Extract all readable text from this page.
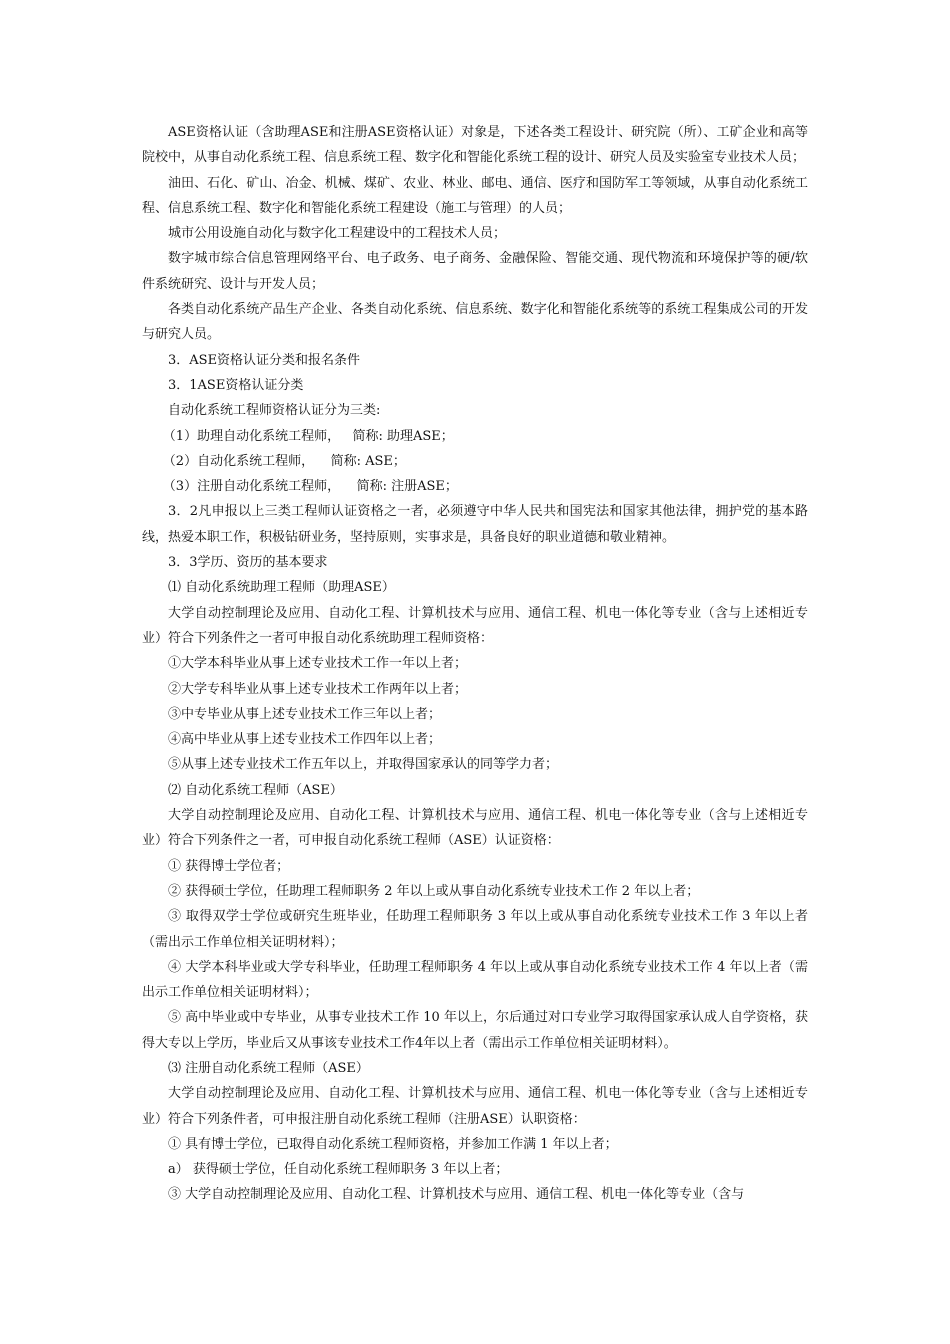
ASE资格认证（含助理ASE和注册ASE资格认证）对象是，下述各类工程设计、研究院（所）、工矿企业和高等院校中，从事自动化系统工程、信息系统工程、数字化和智能化系统工程的设计、研究人员及实验室专业技术人员；

油田、石化、矿山、冶金、机械、煤矿、农业、林业、邮电、通信、医疗和国防军工等领域，从事自动化系统工程、信息系统工程、数字化和智能化系统工程建设（施工与管理）的人员；

城市公用设施自动化与数字化工程建设中的工程技术人员；

数字城市综合信息管理网络平台、电子政务、电子商务、金融保险、智能交通、现代物流和环境保护等的硬/软件系统研究、设计与开发人员；

各类自动化系统产品生产企业、各类自动化系统、信息系统、数字化和智能化系统等的系统工程集成公司的开发与研究人员。

3．ASE资格认证分类和报名条件

3．1ASE资格认证分类

自动化系统工程师资格认证分为三类:

（1）助理自动化系统工程师，   简称: 助理ASE；

（2）自动化系统工程师，    简称: ASE；

（3）注册自动化系统工程师，    简称: 注册ASE；

3．2凡申报以上三类工程师认证资格之一者，必须遵守中华人民共和国宪法和国家其他法律，拥护党的基本路线，热爱本职工作，积极钻研业务，坚持原则，实事求是，具备良好的职业道德和敬业精神。

3．3学历、资历的基本要求

⑴ 自动化系统助理工程师（助理ASE）

大学自动控制理论及应用、自动化工程、计算机技术与应用、通信工程、机电一体化等专业（含与上述相近专业）符合下列条件之一者可申报自动化系统助理工程师资格：

①大学本科毕业从事上述专业技术工作一年以上者；

②大学专科毕业从事上述专业技术工作两年以上者；

③中专毕业从事上述专业技术工作三年以上者；

④高中毕业从事上述专业技术工作四年以上者；

⑤从事上述专业技术工作五年以上，并取得国家承认的同等学力者；

⑵ 自动化系统工程师（ASE）

大学自动控制理论及应用、自动化工程、计算机技术与应用、通信工程、机电一体化等专业（含与上述相近专业）符合下列条件之一者，可申报自动化系统工程师（ASE）认证资格：

① 获得博士学位者；

② 获得硕士学位，任助理工程师职务 2 年以上或从事自动化系统专业技术工作 2 年以上者；

③ 取得双学士学位或研究生班毕业，任助理工程师职务 3 年以上或从事自动化系统专业技术工作 3 年以上者（需出示工作单位相关证明材料）；

④ 大学本科毕业或大学专科毕业，任助理工程师职务 4 年以上或从事自动化系统专业技术工作 4 年以上者（需出示工作单位相关证明材料）；

⑤ 高中毕业或中专毕业，从事专业技术工作 10 年以上，尔后通过对口专业学习取得国家承认成人自学资格，获得大专以上学历，毕业后又从事该专业技术工作4年以上者（需出示工作单位相关证明材料）。

⑶ 注册自动化系统工程师（ASE）

大学自动控制理论及应用、自动化工程、计算机技术与应用、通信工程、机电一体化等专业（含与上述相近专业）符合下列条件者，可申报注册自动化系统工程师（注册ASE）认职资格：

① 具有博士学位，已取得自动化系统工程师资格，并参加工作满 1 年以上者；

a） 获得硕士学位，任自动化系统工程师职务 3 年以上者；

③ 大学自动控制理论及应用、自动化工程、计算机技术与应用、通信工程、机电一体化等专业（含与
